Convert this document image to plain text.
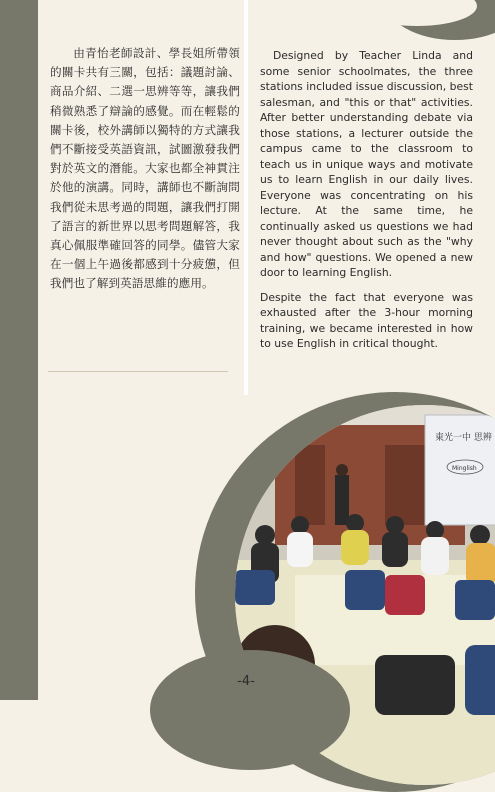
由青怡老師設計、學長姐所帶領的關卡共有三關，包括：議題討論、商品介紹、二選一思辨等等，讓我們稍微熟悉了辯論的感覺。而在輕鬆的關卡後，校外講師以獨特的方式讓我們不斷接受英語資訊，試圖激發我們對於英文的潛能。大家也都全神貫注於他的演講。同時，講師也不斷詢問我們從未思考過的問題，讓我們打開了語言的新世界以思考問題解答，我真心佩服準確回答的同學。儘管大家在一個上午過後都感到十分疲憊，但我們也了解到英語思維的應用。

Designed by Teacher Linda and some senior schoolmates, the three stations included issue discussion, best salesman, and "this or that" activities. After better understanding debate via those stations, a lecturer outside the campus came to the classroom to teach us in unique ways and motivate us to learn English in our daily lives. Everyone was concentrating on his lecture. At the same time, he continually asked us questions we had never thought about such as the "why and how" questions. We opened a new door to learning English.

Despite the fact that everyone was exhausted after the 3-hour morning training, we became interested in how to use English in critical thought.

東光一中 思辨
Minglish
-4-
